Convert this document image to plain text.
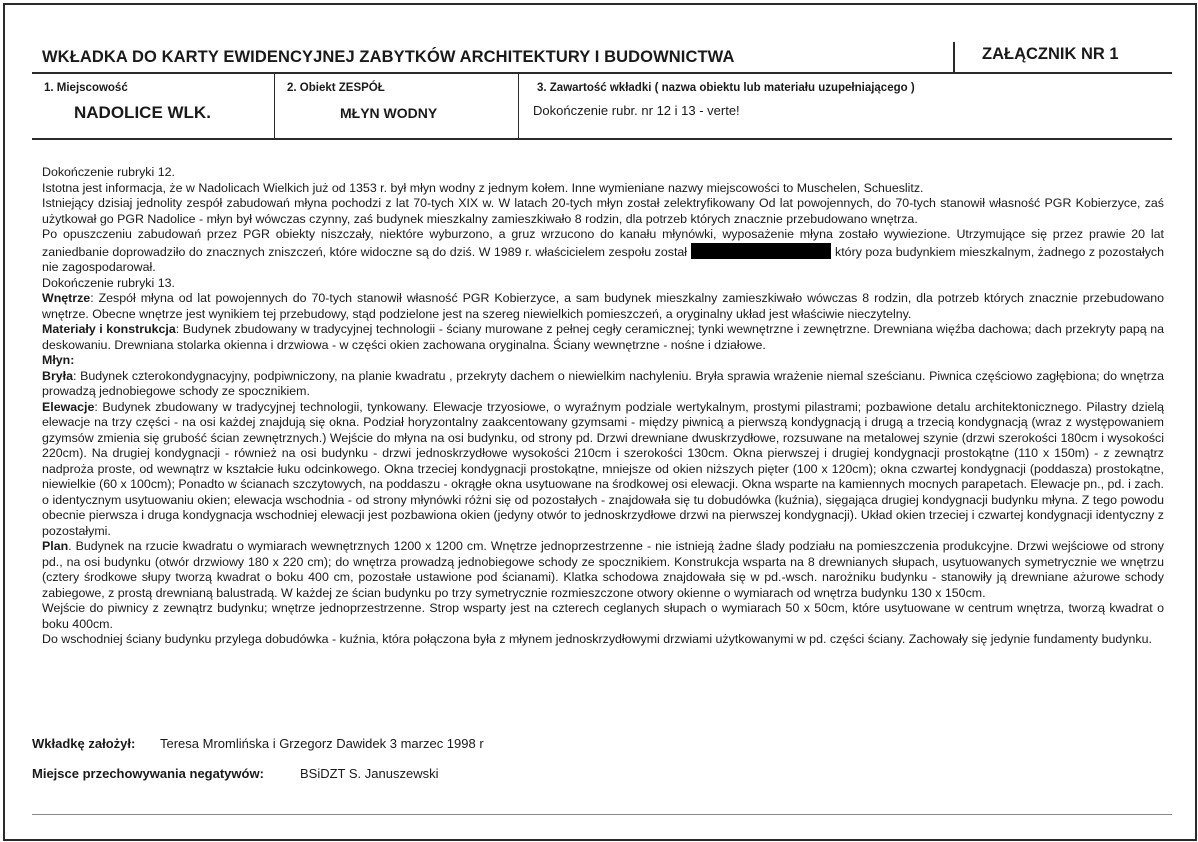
WKŁADKA DO KARTY EWIDENCYJNEJ ZABYTKÓW ARCHITEKTURY I BUDOWNICTWA	ZAŁĄCZNIK NR 1
1. Miejscowość
NADOLICE WLK.
2. Obiekt ZESPÓŁ
MŁYN WODNY
3. Zawartość wkładki ( nazwa obiektu lub materiału uzupełniającego )
Dokończenie rubr. nr 12 i 13 - verte!

Dokończenie rubryki 12.

Istotna jest informacja, że w Nadolicach Wielkich już od 1353 r. był młyn wodny z jednym kołem. Inne wymieniane nazwy miejscowości to Muschelen, Schueslitz.

Istniejący dzisiaj jednolity zespół zabudowań młyna pochodzi z lat 70-tych XIX w. W latach 20-tych młyn został zelektryfikowany Od lat powojennych, do 70-tych stanowił własność PGR Kobierzyce, zaś użytkował go PGR Nadolice - młyn był wówczas czynny, zaś budynek mieszkalny zamieszkiwało 8 rodzin, dla potrzeb których znacznie przebudowano wnętrza.

Po opuszczeniu zabudowań przez PGR obiekty niszczały, niektóre wyburzono, a gruz wrzucono do kanału młynówki, wyposażenie młyna zostało wywiezione. Utrzymujące się przez prawie 20 lat zaniedbanie doprowadziło do znacznych zniszczeń, które widoczne są do dziś. W 1989 r. właścicielem zespołu został	który poza budynkiem mieszkalnym, żadnego z pozostałych nie zagospodarował.

Dokończenie rubryki 13.

Wnętrze: Zespół młyna od lat powojennych do 70-tych stanowił własność PGR Kobierzyce, a sam budynek mieszkalny zamieszkiwało wówczas 8 rodzin, dla potrzeb których znacznie przebudowano wnętrze. Obecne wnętrze jest wynikiem tej przebudowy, stąd podzielone jest na szereg niewielkich pomieszczeń, a oryginalny układ jest właściwie nieczytelny.

Materiały i konstrukcja: Budynek zbudowany w tradycyjnej technologii - ściany murowane z pełnej cegły ceramicznej; tynki wewnętrzne i zewnętrzne. Drewniana więźba dachowa; dach przekryty papą na deskowaniu. Drewniana stolarka okienna i drzwiowa - w części okien zachowana oryginalna. Ściany wewnętrzne - nośne i działowe.

Młyn:

Bryła: Budynek czterokondygnacyjny, podpiwniczony, na planie kwadratu , przekryty dachem o niewielkim nachyleniu. Bryła sprawia wrażenie niemal sześcianu. Piwnica częściowo zagłębiona; do wnętrza prowadzą jednobiegowe schody ze spocznikiem.

Elewacje: Budynek zbudowany w tradycyjnej technologii, tynkowany. Elewacje trzyosiowe, o wyraźnym podziale wertykalnym, prostymi pilastrami; pozbawione detalu architektonicznego. Pilastry dzielą elewacje na trzy części - na osi każdej znajdują się okna. Podział horyzontalny zaakcentowany gzymsami - między piwnicą a pierwszą kondygnacją i drugą a trzecią kondygnacją (wraz z występowaniem gzymsów zmienia się grubość ścian zewnętrznych.) Wejście do młyna na osi budynku, od strony pd. Drzwi drewniane dwuskrzydłowe, rozsuwane na metalowej szynie (drzwi szerokości 180cm i wysokości 220cm). Na drugiej kondygnacji - również na osi budynku - drzwi jednoskrzydłowe wysokości 210cm i szerokości 130cm. Okna pierwszej i drugiej kondygnacji prostokątne (110 x 150m) - z zewnątrz nadproża proste, od wewnątrz w kształcie łuku odcinkowego. Okna trzeciej kondygnacji prostokątne, mniejsze od okien niższych pięter (100 x 120cm); okna czwartej kondygnacji (poddasza) prostokątne, niewielkie (60 x 100cm); Ponadto w ścianach szczytowych, na poddaszu - okrągłe okna usytuowane na środkowej osi elewacji. Okna wsparte na kamiennych mocnych parapetach. Elewacje pn., pd. i zach. o identycznym usytuowaniu okien; elewacja wschodnia - od strony młynówki różni się od pozostałych - znajdowała się tu dobudówka (kuźnia), sięgająca drugiej kondygnacji budynku młyna. Z tego powodu obecnie pierwsza i druga kondygnacja wschodniej elewacji jest pozbawiona okien (jedyny otwór to jednoskrzydłowe drzwi na pierwszej kondygnacji). Układ okien trzeciej i czwartej kondygnacji identyczny z pozostałymi.

Plan. Budynek na rzucie kwadratu o wymiarach wewnętrznych 1200 x 1200 cm. Wnętrze jednoprzestrzenne - nie istnieją żadne ślady podziału na pomieszczenia produkcyjne. Drzwi wejściowe od strony pd., na osi budynku (otwór drzwiowy 180 x 220 cm); do wnętrza prowadzą jednobiegowe schody ze spocznikiem. Konstrukcja wsparta na 8 drewnianych słupach, usytuowanych symetrycznie we wnętrzu (cztery środkowe słupy tworzą kwadrat o boku 400 cm, pozostałe ustawione pod ścianami). Klatka schodowa znajdowała się w pd.-wsch. narożniku budynku - stanowiły ją drewniane ażurowe schody zabiegowe, z prostą drewnianą balustradą. W każdej ze ścian budynku po trzy symetrycznie rozmieszczone otwory okienne o wymiarach od wnętrza budynku 130 x 150cm.

Wejście do piwnicy z zewnątrz budynku; wnętrze jednoprzestrzenne. Strop wsparty jest na czterech ceglanych słupach o wymiarach 50 x 50cm, które usytuowane w centrum wnętrza, tworzą kwadrat o boku 400cm.

Do wschodniej ściany budynku przylega dobudówka - kuźnia, która połączona była z młynem jednoskrzydłowymi drzwiami użytkowanymi w pd. części ściany. Zachowały się jedynie fundamenty budynku.

Wkładkę założył: Teresa Mromlińska i Grzegorz Dawidek 3 marzec 1998 r
Miejsce przechowywania negatywów:	BSiDZT S. Januszewski
